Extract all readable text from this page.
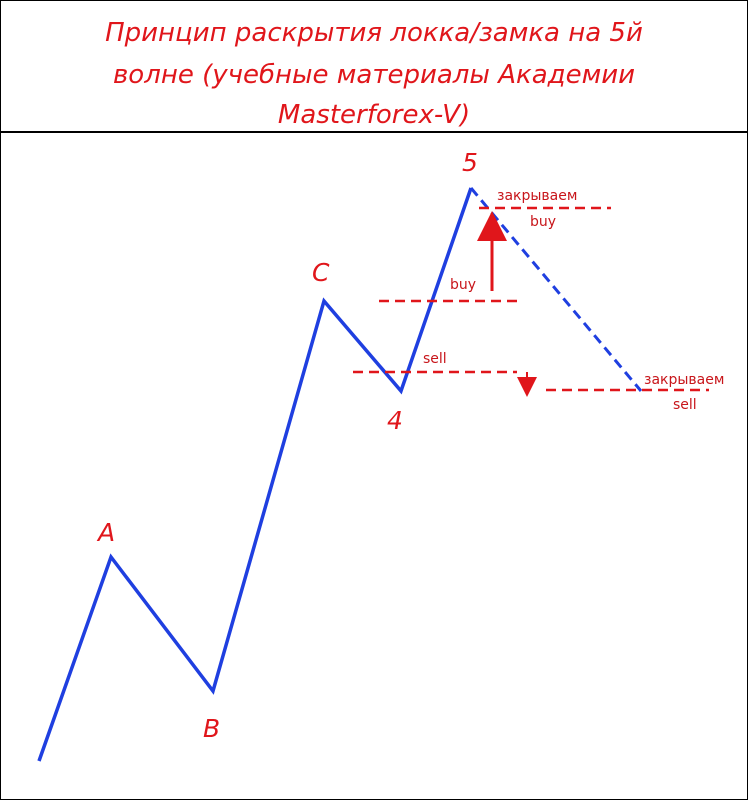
Принцип раскрытия локка/замка на 5й
волне (учебные материалы Академии
Masterforex-V)
A
B
C
4
5
закрываем
buy
buy
sell
закрываем
sell
